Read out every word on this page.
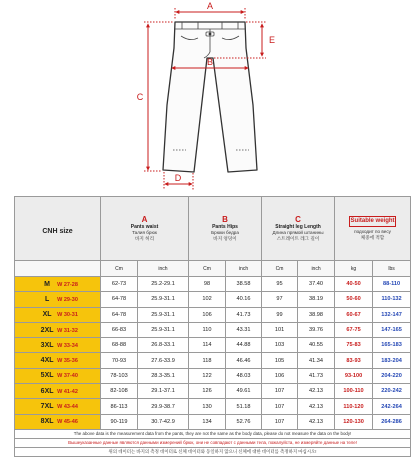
A
B
C
D
E
CNH size	A
Pants waist
Талия брюк
바지 허리		B
Pants Hips
Брюки бедра
바지 엉덩이		C
Straight leg Length
Длина прямой штанины
스트레이트 레그 길이		Suitable weight
подходит по весу
체중에 적합	

	Cm	inch	Cm	inch	Cm	inch	kg	lbs
M W 27-28	62-73	25.2-29.1	98	38.58	95	37.40	40-50	88-110
L W 29-30	64-78	25.9-31.1	102	40.16	97	38.19	50-60	110-132
XL W 30-31	64-78	25.9-31.1	106	41.73	99	38.98	60-67	132-147
2XL W 31-32	66-83	25.9-31.1	110	43.31	101	39.76	67-75	147-165
3XL W 33-34	68-88	26.8-33.1	114	44.88	103	40.55	75-83	165-183
4XL W 35-36	70-93	27.6-33.9	118	46.46	105	41.34	83-93	183-204
5XL W 37-40	78-103	28.3-35.1	122	48.03	106	41.73	93-100	204-220
6XL W 41-42	82-108	29.1-37.1	126	49.61	107	42.13	100-110	220-242
7XL W 43-44	86-113	29.9-38.7	130	51.18	107	42.13	110-120	242-264
8XL W 45-46	90-119	30.7-42.9	134	52.76	107	42.13	120-130	264-286
The above data is the measurement data from the pants, they are not the same as the body data, please do not measure the data on the body!								
Вышеуказанные данные являются данными измерений брюк, они не совпадают с данными тела, пожалуйста, не измеряйте данные на теле!								
위의 데이터는 바지의 측정 데이터로 신체 데이터와 동일하지 않으니 신체에 대한 데이터를 측정하지 마십시오!								
